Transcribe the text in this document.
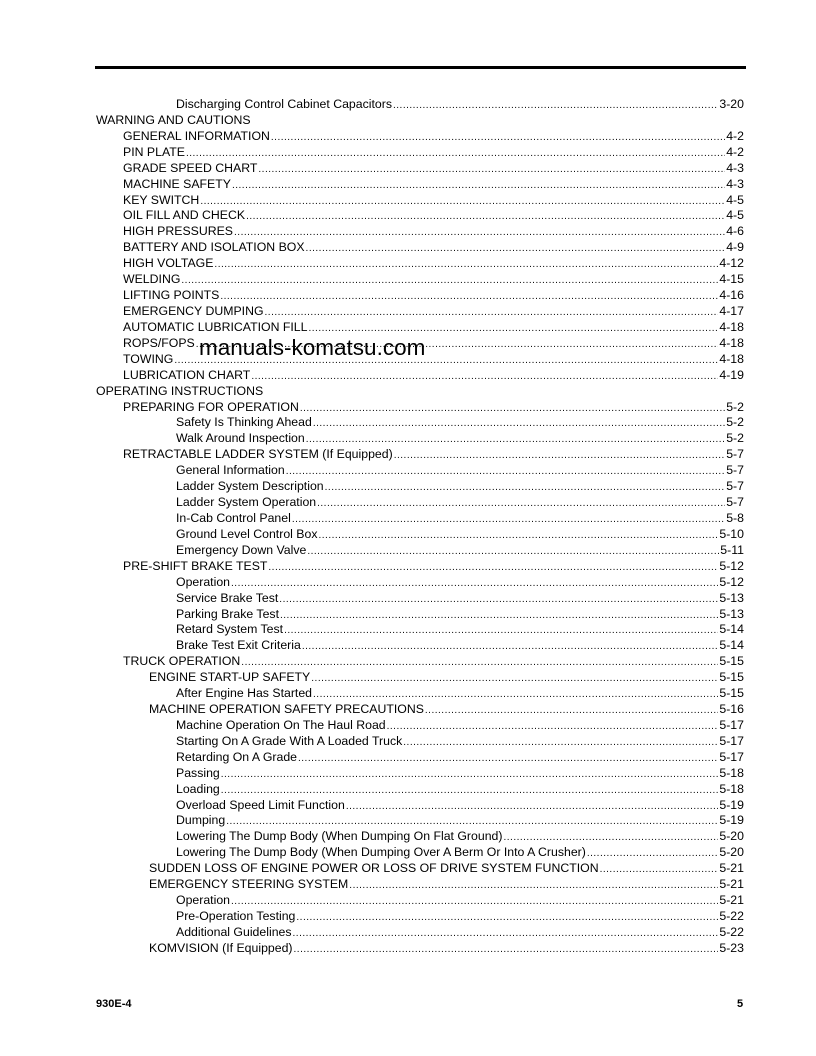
Discharging Control Cabinet Capacitors .....	3-20
WARNING AND CAUTIONS
GENERAL INFORMATION .....	4-2
PIN PLATE .....	4-2
GRADE SPEED CHART .....	4-3
MACHINE SAFETY .....	4-3
KEY SWITCH .....	4-5
OIL FILL AND CHECK .....	4-5
HIGH PRESSURES .....	4-6
BATTERY AND ISOLATION BOX .....	4-9
HIGH VOLTAGE .....	4-12
WELDING .....	4-15
LIFTING POINTS .....	4-16
EMERGENCY DUMPING .....	4-17
AUTOMATIC LUBRICATION FILL .....	4-18
ROPS/FOPS .....	4-18
TOWING .....	4-18
LUBRICATION CHART .....	4-19
OPERATING INSTRUCTIONS
PREPARING FOR OPERATION .....	5-2
Safety Is Thinking Ahead .....	5-2
Walk Around Inspection .....	5-2
RETRACTABLE LADDER SYSTEM (If Equipped) .....	5-7
General Information .....	5-7
Ladder System Description .....	5-7
Ladder System Operation .....	5-7
In-Cab Control Panel .....	5-8
Ground Level Control Box .....	5-10
Emergency Down Valve .....	5-11
PRE-SHIFT BRAKE TEST .....	5-12
Operation .....	5-12
Service Brake Test .....	5-13
Parking Brake Test .....	5-13
Retard System Test .....	5-14
Brake Test Exit Criteria .....	5-14
TRUCK OPERATION .....	5-15
ENGINE START-UP SAFETY .....	5-15
After Engine Has Started .....	5-15
MACHINE OPERATION SAFETY PRECAUTIONS .....	5-16
Machine Operation On The Haul Road .....	5-17
Starting On A Grade With A Loaded Truck .....	5-17
Retarding On A Grade .....	5-17
Passing .....	5-18
Loading .....	5-18
Overload Speed Limit Function .....	5-19
Dumping .....	5-19
Lowering The Dump Body (When Dumping On Flat Ground) .....	5-20
Lowering The Dump Body (When Dumping Over A Berm Or Into A Crusher) .....	5-20
SUDDEN LOSS OF ENGINE POWER OR LOSS OF DRIVE SYSTEM FUNCTION .....	5-21
EMERGENCY STEERING SYSTEM .....	5-21
Operation .....	5-21
Pre-Operation Testing .....	5-22
Additional Guidelines .....	5-22
KOMVISION (If Equipped) .....	5-23
manuals-komatsu.com
930E-4	5
